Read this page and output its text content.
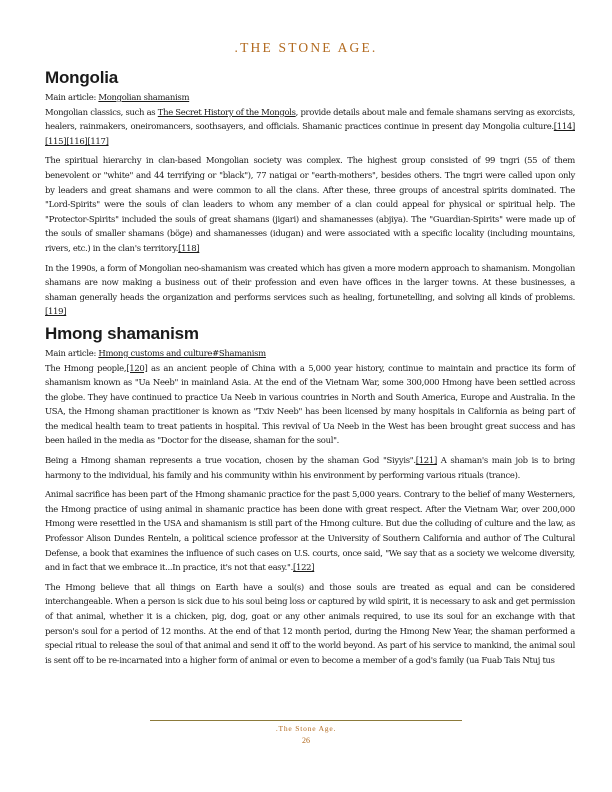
.THE STONE AGE.
Mongolia

Main article: Mongolian shamanism

Mongolian classics, such as The Secret History of the Mongols, provide details about male and female shamans serving as exorcists, healers, rainmakers, oneiromancers, soothsayers, and officials. Shamanic practices continue in present day Mongolia culture.[114][115][116][117]

The spiritual hierarchy in clan-based Mongolian society was complex. The highest group consisted of 99 tngri (55 of them benevolent or "white" and 44 terrifying or "black"), 77 natigai or "earth-mothers", besides others. The tngri were called upon only by leaders and great shamans and were common to all the clans. After these, three groups of ancestral spirits dominated. The "Lord-Spirits" were the souls of clan leaders to whom any member of a clan could appeal for physical or spiritual help. The "Protector-Spirits" included the souls of great shamans (jigari) and shamanesses (abjiya). The "Guardian-Spirits" were made up of the souls of smaller shamans (böge) and shamanesses (idugan) and were associated with a specific locality (including mountains, rivers, etc.) in the clan's territory.[118]

In the 1990s, a form of Mongolian neo-shamanism was created which has given a more modern approach to shamanism. Mongolian shamans are now making a business out of their profession and even have offices in the larger towns. At these businesses, a shaman generally heads the organization and performs services such as healing, fortunetelling, and solving all kinds of problems.[119]

Hmong shamanism

Main article: Hmong customs and culture#Shamanism

The Hmong people,[120] as an ancient people of China with a 5,000 year history, continue to maintain and practice its form of shamanism known as "Ua Neeb" in mainland Asia. At the end of the Vietnam War, some 300,000 Hmong have been settled across the globe. They have continued to practice Ua Neeb in various countries in North and South America, Europe and Australia. In the USA, the Hmong shaman practitioner is known as "Txiv Neeb" has been licensed by many hospitals in California as being part of the medical health team to treat patients in hospital. This revival of Ua Neeb in the West has been brought great success and has been hailed in the media as "Doctor for the disease, shaman for the soul".

Being a Hmong shaman represents a true vocation, chosen by the shaman God "Siyyis".[121] A shaman's main job is to bring harmony to the individual, his family and his community within his environment by performing various rituals (trance).

Animal sacrifice has been part of the Hmong shamanic practice for the past 5,000 years. Contrary to the belief of many Westerners, the Hmong practice of using animal in shamanic practice has been done with great respect. After the Vietnam War, over 200,000 Hmong were resettled in the USA and shamanism is still part of the Hmong culture. But due the colluding of culture and the law, as Professor Alison Dundes Renteln, a political science professor at the University of Southern California and author of The Cultural Defense, a book that examines the influence of such cases on U.S. courts, once said, "We say that as a society we welcome diversity, and in fact that we embrace it...In practice, it's not that easy.".[122]

The Hmong believe that all things on Earth have a soul(s) and those souls are treated as equal and can be considered interchangeable. When a person is sick due to his soul being loss or captured by wild spirit, it is necessary to ask and get permission of that animal, whether it is a chicken, pig, dog, goat or any other animals required, to use its soul for an exchange with that person's soul for a period of 12 months. At the end of that 12 month period, during the Hmong New Year, the shaman performed a special ritual to release the soul of that animal and send it off to the world beyond. As part of his service to mankind, the animal soul is sent off to be re-incarnated into a higher form of animal or even to become a member of a god's family (ua Fuab Tais Ntuj tus

.The Stone Age.
26
